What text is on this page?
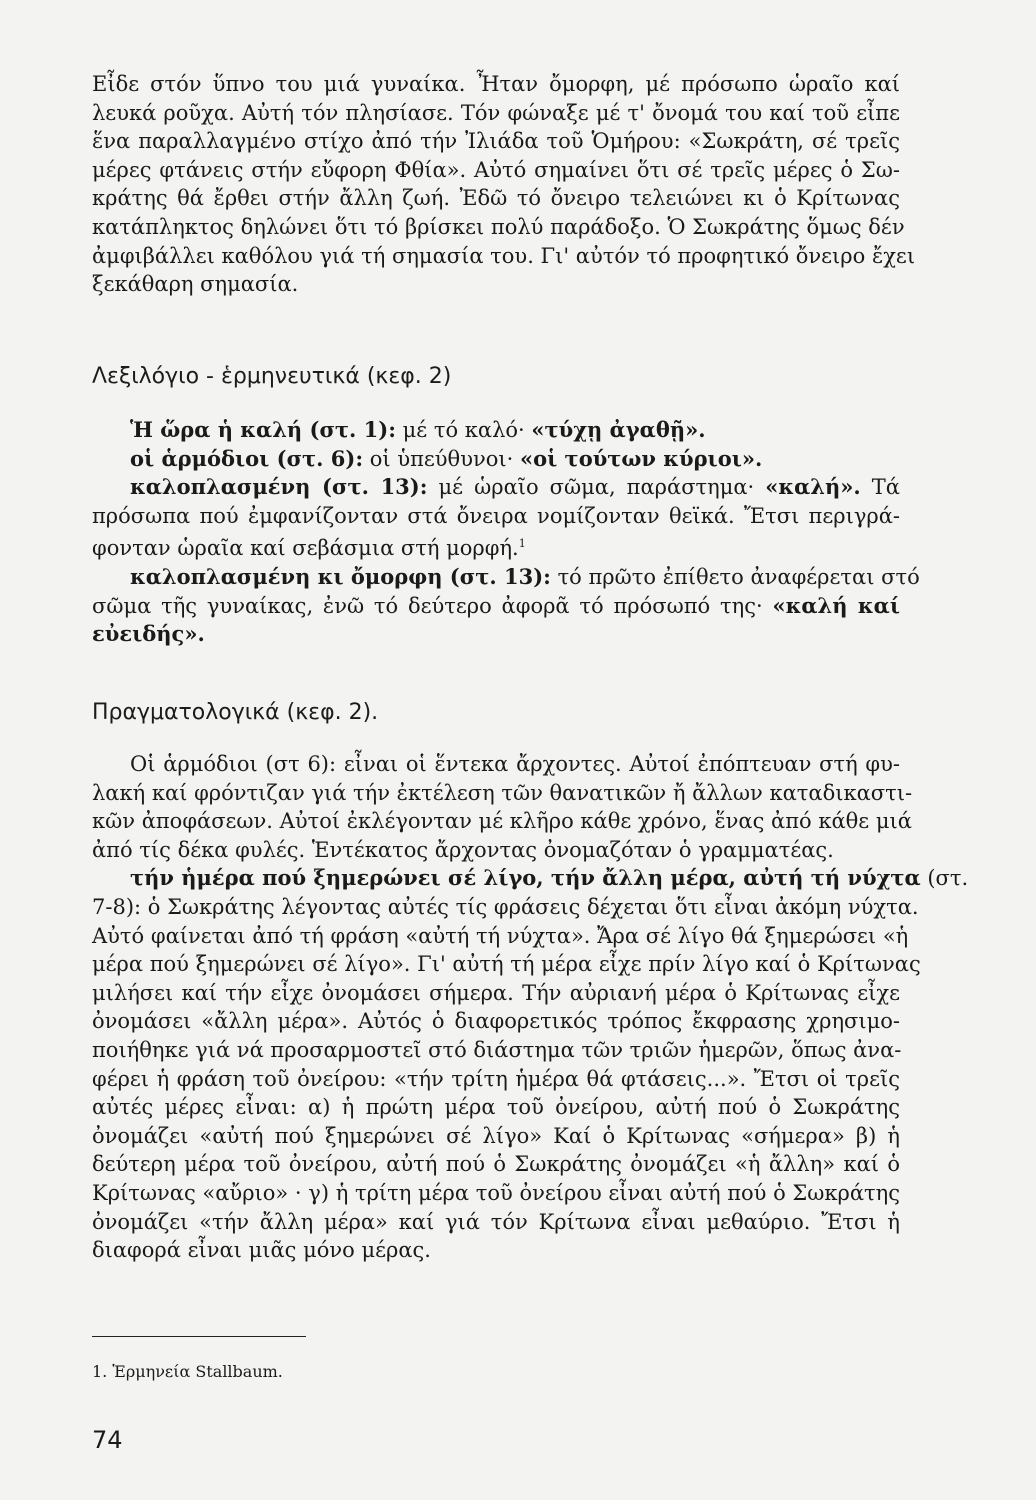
Εἶδε στόν ὕπνο του μιά γυναίκα. Ἦταν ὄμορφη, μέ πρόσωπο ὡραῖο καί
λευκά ροῦχα. Αὐτή τόν πλησίασε. Τόν φώναξε μέ τ' ὄνομά του καί τοῦ εἶπε
ἕνα παραλλαγμένο στίχο ἀπό τήν Ἰλιάδα τοῦ Ὁμήρου: «Σωκράτη, σέ τρεῖς
μέρες φτάνεις στήν εὔφορη Φθία». Αὐτό σημαίνει ὅτι σέ τρεῖς μέρες ὁ Σω-
κράτης θά ἔρθει στήν ἄλλη ζωή. Ἐδῶ τό ὄνειρο τελειώνει κι ὁ Κρίτωνας
κατάπληκτος δηλώνει ὅτι τό βρίσκει πολύ παράδοξο. Ὁ Σωκράτης ὅμως δέν
ἀμφιβάλλει καθόλου γιά τή σημασία του. Γι' αὐτόν τό προφητικό ὄνειρο ἔχει
ξεκάθαρη σημασία.
Λεξιλόγιο - ἑρμηνευτικά (κεφ. 2)
Ἡ ὥρα ἡ καλή (στ. 1): μέ τό καλό· «τύχῃ ἀγαθῇ».
οἱ ἁρμόδιοι (στ. 6): οἱ ὑπεύθυνοι· «οἱ τούτων κύριοι».
καλοπλασμένη (στ. 13): μέ ὡραῖο σῶμα, παράστημα· «καλή». Τά
πρόσωπα πού ἐμφανίζονταν στά ὄνειρα νομίζονταν θεϊκά. Ἔτσι περιγρά-
φονταν ὡραῖα καί σεβάσμια στή μορφή.$^1$
καλοπλασμένη κι ὄμορφη (στ. 13): τό πρῶτο ἐπίθετο ἀναφέρεται στό
σῶμα τῆς γυναίκας, ἐνῶ τό δεύτερο ἀφορᾶ τό πρόσωπό της· «καλή καί
εὐειδής».
Πραγματολογικά (κεφ. 2).
Οἱ ἁρμόδιοι (στ 6): εἶναι οἱ ἕντεκα ἄρχοντες. Αὐτοί ἐπόπτευαν στή φυ-
λακή καί φρόντιζαν γιά τήν ἐκτέλεση τῶν θανατικῶν ἤ ἄλλων καταδικαστι-
κῶν ἀποφάσεων. Αὐτοί ἐκλέγονταν μέ κλῆρο κάθε χρόνο, ἕνας ἀπό κάθε μιά
ἀπό τίς δέκα φυλές. Ἑντέκατος ἄρχοντας ὀνομαζόταν ὁ γραμματέας.
τήν ἡμέρα πού ξημερώνει σέ λίγο, τήν ἄλλη μέρα, αὐτή τή νύχτα (στ.
7-8): ὁ Σωκράτης λέγοντας αὐτές τίς φράσεις δέχεται ὅτι εἶναι ἀκόμη νύχτα.
Αὐτό φαίνεται ἀπό τή φράση «αὐτή τή νύχτα». Ἄρα σέ λίγο θά ξημερώσει «ἡ
μέρα πού ξημερώνει σέ λίγο». Γι' αὐτή τή μέρα εἶχε πρίν λίγο καί ὁ Κρίτωνας
μιλήσει καί τήν εἶχε ὀνομάσει σήμερα. Τήν αὐριανή μέρα ὁ Κρίτωνας εἶχε
ὀνομάσει «ἄλλη μέρα». Αὐτός ὁ διαφορετικός τρόπος ἔκφρασης χρησιμο-
ποιήθηκε γιά νά προσαρμοστεῖ στό διάστημα τῶν τριῶν ἡμερῶν, ὅπως ἀνα-
φέρει ἡ φράση τοῦ ὀνείρου: «τήν τρίτη ἡμέρα θά φτάσεις...». Ἔτσι οἱ τρεῖς
αὐτές μέρες εἶναι: α) ἡ πρώτη μέρα τοῦ ὀνείρου, αὐτή πού ὁ Σωκράτης
ὀνομάζει «αὐτή πού ξημερώνει σέ λίγο» Καί ὁ Κρίτωνας «σήμερα» β) ἡ
δεύτερη μέρα τοῦ ὀνείρου, αὐτή πού ὁ Σωκράτης ὀνομάζει «ἡ ἄλλη» καί ὁ
Κρίτωνας «αὔριο» · γ) ἡ τρίτη μέρα τοῦ ὀνείρου εἶναι αὐτή πού ὁ Σωκράτης
ὀνομάζει «τήν ἄλλη μέρα» καί γιά τόν Κρίτωνα εἶναι μεθαύριο. Ἔτσι ἡ
διαφορά εἶναι μιᾶς μόνο μέρας.
1. Ἑρμηνεία Stallbaum.
74
